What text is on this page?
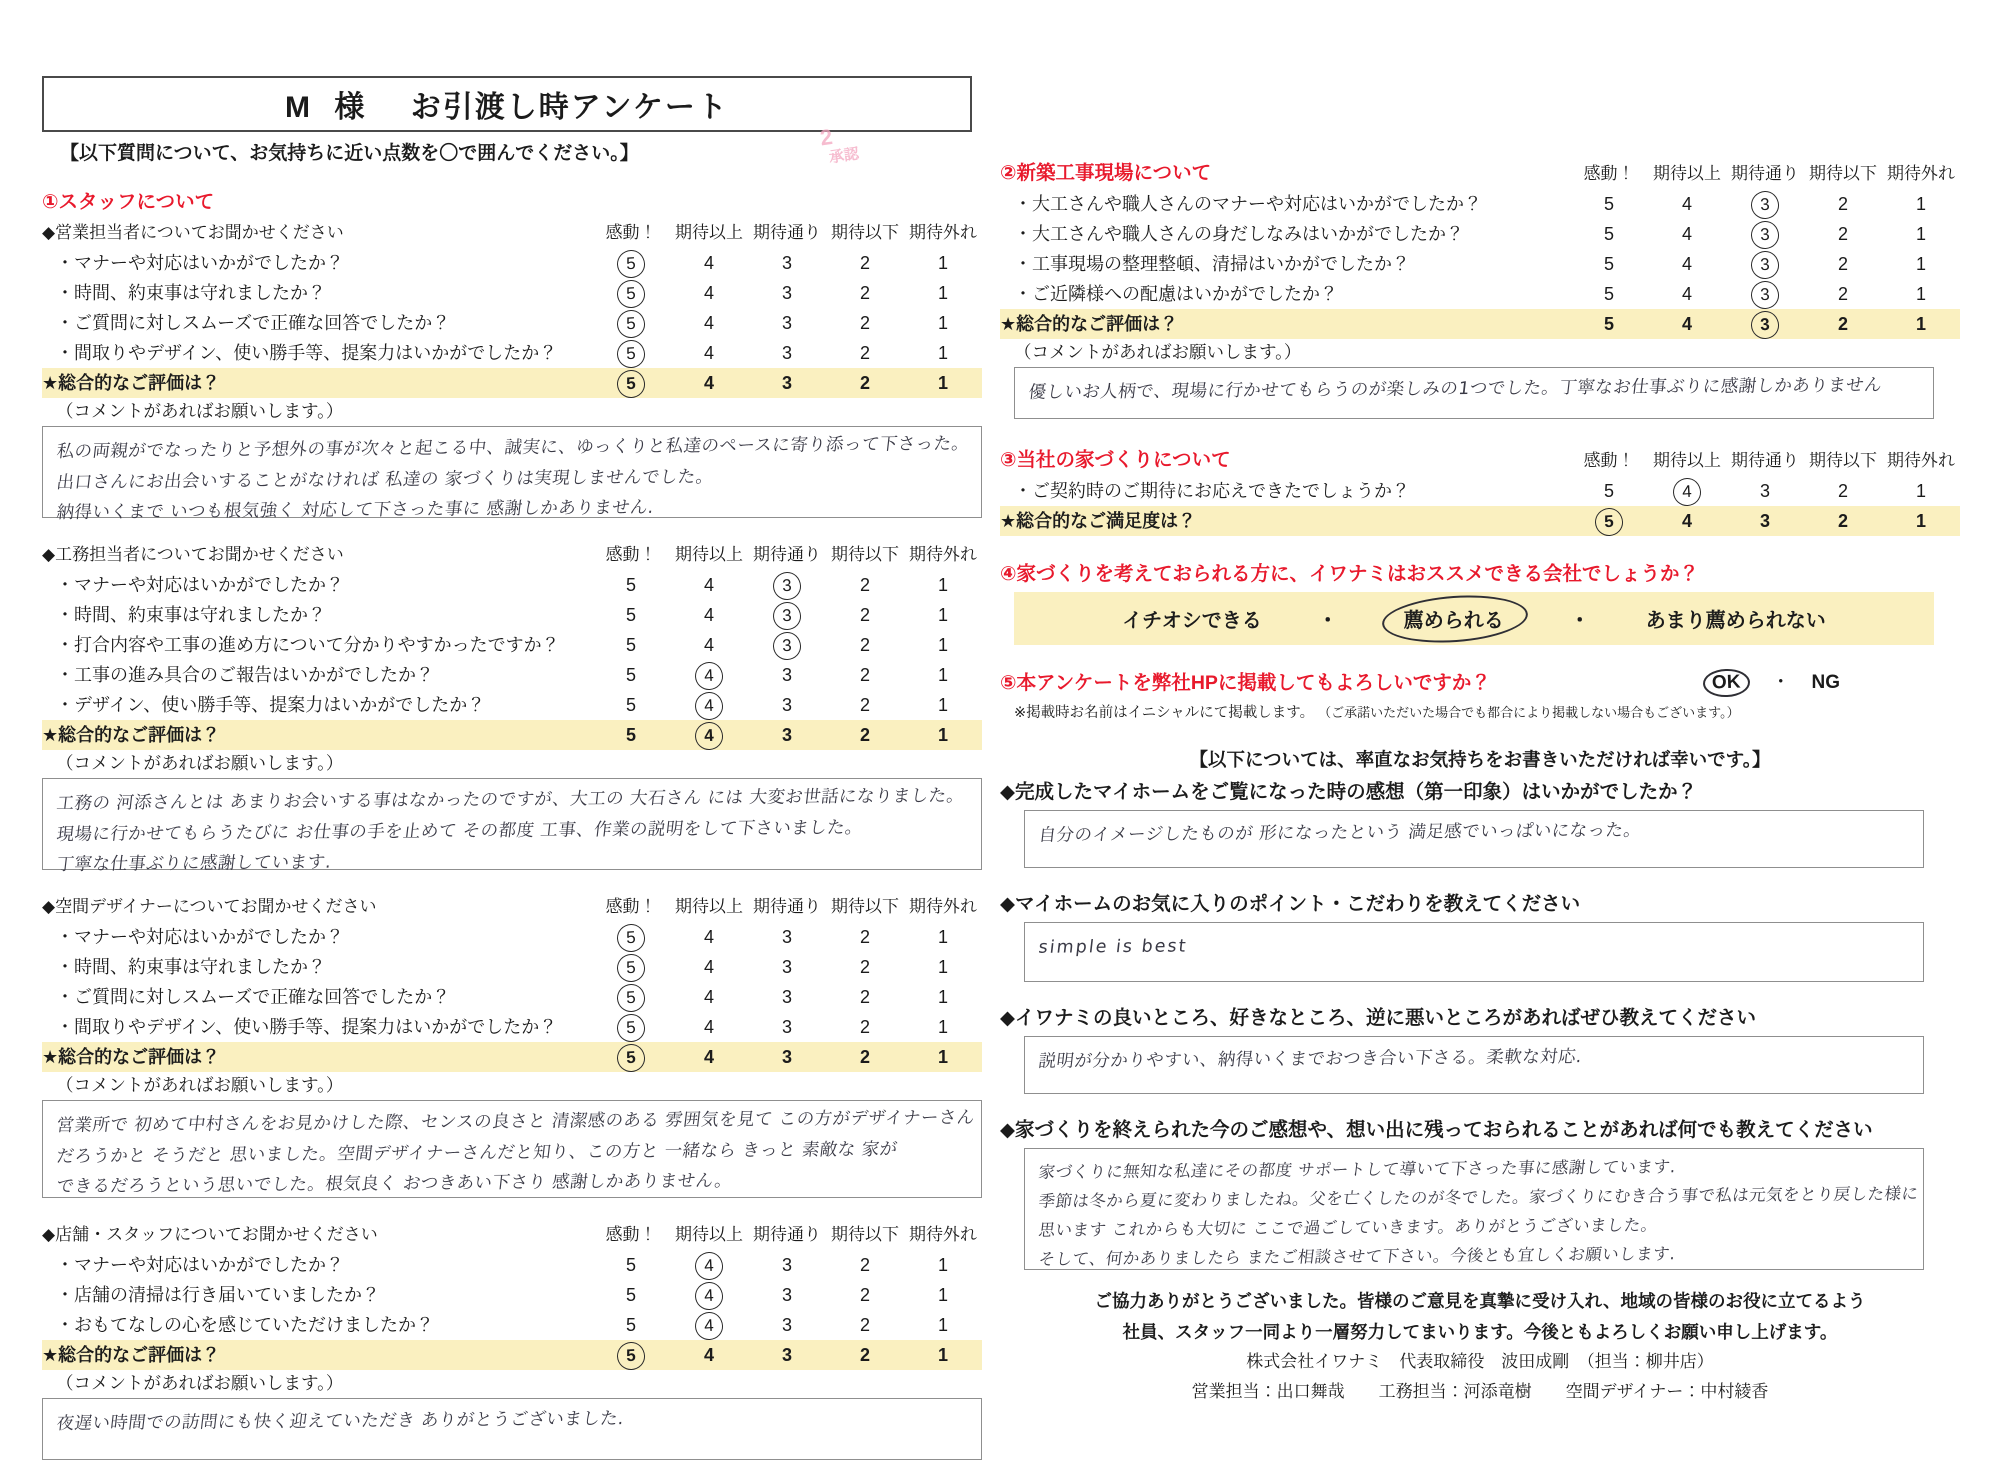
M 様 お引渡し時アンケート
【以下質問について、お気持ちに近い点数を〇で囲んでください。】
2
承認
①スタッフについて
◆営業担当者についてお聞かせください	感動！	期待以上	期待通り	期待以下	期待外れ
・マナーや対応はいかがでしたか？	5	4	3	2	1
・時間、約束事は守れましたか？	5	4	3	2	1
・ご質問に対しスムーズで正確な回答でしたか？	5	4	3	2	1
・間取りやデザイン、使い勝手等、提案力はいかがでしたか？	5	4	3	2	1
★総合的なご評価は？	5	4	3	2	1
（コメントがあればお願いします。）
私の両親がでなったりと予想外の事が次々と起こる中、誠実に、ゆっくりと私達のペースに寄り添って下さった。
出口さんにお出会いすることがなければ 私達の 家づくりは実現しませんでした。
納得いくまで いつも根気強く 対応して下さった事に 感謝しかありません.
◆工務担当者についてお聞かせください	感動！	期待以上	期待通り	期待以下	期待外れ
・マナーや対応はいかがでしたか？	5	4	3	2	1
・時間、約束事は守れましたか？	5	4	3	2	1
・打合内容や工事の進め方について分かりやすかったですか？	5	4	3	2	1
・工事の進み具合のご報告はいかがでしたか？	5	4	3	2	1
・デザイン、使い勝手等、提案力はいかがでしたか？	5	4	3	2	1
★総合的なご評価は？	5	4	3	2	1
（コメントがあればお願いします。）
工務の 河添さんとは あまりお会いする事はなかったのですが、大工の 大石さん には 大変お世話になりました。
現場に行かせてもらうたびに お仕事の手を止めて その都度 工事、作業の説明をして下さいました。
丁寧な仕事ぶりに感謝しています.
◆空間デザイナーについてお聞かせください	感動！	期待以上	期待通り	期待以下	期待外れ
・マナーや対応はいかがでしたか？	5	4	3	2	1
・時間、約束事は守れましたか？	5	4	3	2	1
・ご質問に対しスムーズで正確な回答でしたか？	5	4	3	2	1
・間取りやデザイン、使い勝手等、提案力はいかがでしたか？	5	4	3	2	1
★総合的なご評価は？	5	4	3	2	1
（コメントがあればお願いします。）
営業所で 初めて中村さんをお見かけした際、センスの良さと 清潔感のある 雰囲気を見て この方がデザイナーさん
だろうかと そうだと 思いました。空間デザイナーさんだと知り、この方と 一緒なら きっと 素敵な 家が
できるだろうという思いでした。根気良く おつきあい下さり 感謝しかありません。
◆店舗・スタッフについてお聞かせください	感動！	期待以上	期待通り	期待以下	期待外れ
・マナーや対応はいかがでしたか？	5	4	3	2	1
・店舗の清掃は行き届いていましたか？	5	4	3	2	1
・おもてなしの心を感じていただけましたか？	5	4	3	2	1
★総合的なご評価は？	5	4	3	2	1
（コメントがあればお願いします。）
夜遅い時間での訪問にも快く迎えていただき ありがとうございました.
②新築工事現場について	感動！	期待以上	期待通り	期待以下	期待外れ
・大工さんや職人さんのマナーや対応はいかがでしたか？	5	4	3	2	1
・大工さんや職人さんの身だしなみはいかがでしたか？	5	4	3	2	1
・工事現場の整理整頓、清掃はいかがでしたか？	5	4	3	2	1
・ご近隣様への配慮はいかがでしたか？	5	4	3	2	1
★総合的なご評価は？	5	4	3	2	1
（コメントがあればお願いします。）
優しいお人柄で、現場に行かせてもらうのが楽しみの1つでした。丁寧なお仕事ぶりに感謝しかありません
③当社の家づくりについて	感動！	期待以上	期待通り	期待以下	期待外れ
・ご契約時のご期待にお応えできたでしょうか？	5	4	3	2	1
★総合的なご満足度は？	5	4	3	2	1
④家づくりを考えておられる方に、イワナミはおススメできる会社でしょうか？
イチオシできる	・	薦められる	・	あまり薦められない
⑤本アンケートを弊社HPに掲載してもよろしいですか？
※掲載時お名前はイニシャルにて掲載します。 （ご承諾いただいた場合でも都合により掲載しない場合もございます。）
OK ・ NG
【以下については、率直なお気持ちをお書きいただければ幸いです。】
◆完成したマイホームをご覧になった時の感想（第一印象）はいかがでしたか？
自分のイメージしたものが 形になったという 満足感でいっぱいになった。
◆マイホームのお気に入りのポイント・こだわりを教えてください
simple is best
◆イワナミの良いところ、好きなところ、逆に悪いところがあればぜひ教えてください
説明が分かりやすい、納得いくまでおつき合い下さる。柔軟な対応.
◆家づくりを終えられた今のご感想や、想い出に残っておられることがあれば何でも教えてください
家づくりに無知な私達にその都度 サポートして導いて下さった事に感謝しています.
季節は冬から夏に変わりましたね。父を亡くしたのが冬でした。家づくりにむき合う事で私は元気をとり戻した様に
思います これからも大切に ここで過ごしていきます。ありがとうございました。
そして、何かありましたら またご相談させて下さい。今後とも宜しくお願いします.
ご協力ありがとうございました。皆様のご意見を真摯に受け入れ、地域の皆様のお役に立てるよう
社員、スタッフ一同より一層努力してまいります。今後ともよろしくお願い申し上げます。
株式会社イワナミ　代表取締役　波田成剛　（担当：柳井店）
営業担当：出口舞哉　　工務担当：河添竜樹　　空間デザイナー：中村綾香
